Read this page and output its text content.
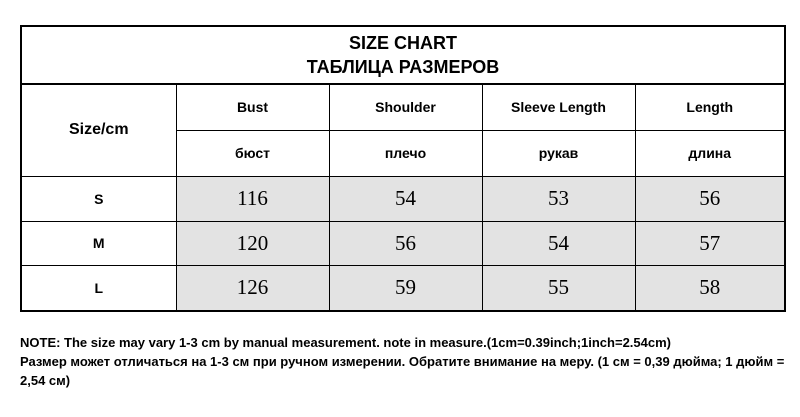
SIZE CHART
ТАБЛИЦА РАЗМЕРОВ
Size/cm	Bust	Shoulder	Sleeve Length	Length
	бюст	плечо	рукав	длина
S	116	54	53	56
M	120	56	54	57
L	126	59	55	58

NOTE: The size may vary 1-3 cm by manual measurement. note in measure.(1cm=0.39inch;1inch=2.54cm)

Размер может отличаться на 1-3 см при ручном измерении. Обратите внимание на меру. (1 см = 0,39 дюйма; 1 дюйм = 2,54 см)
